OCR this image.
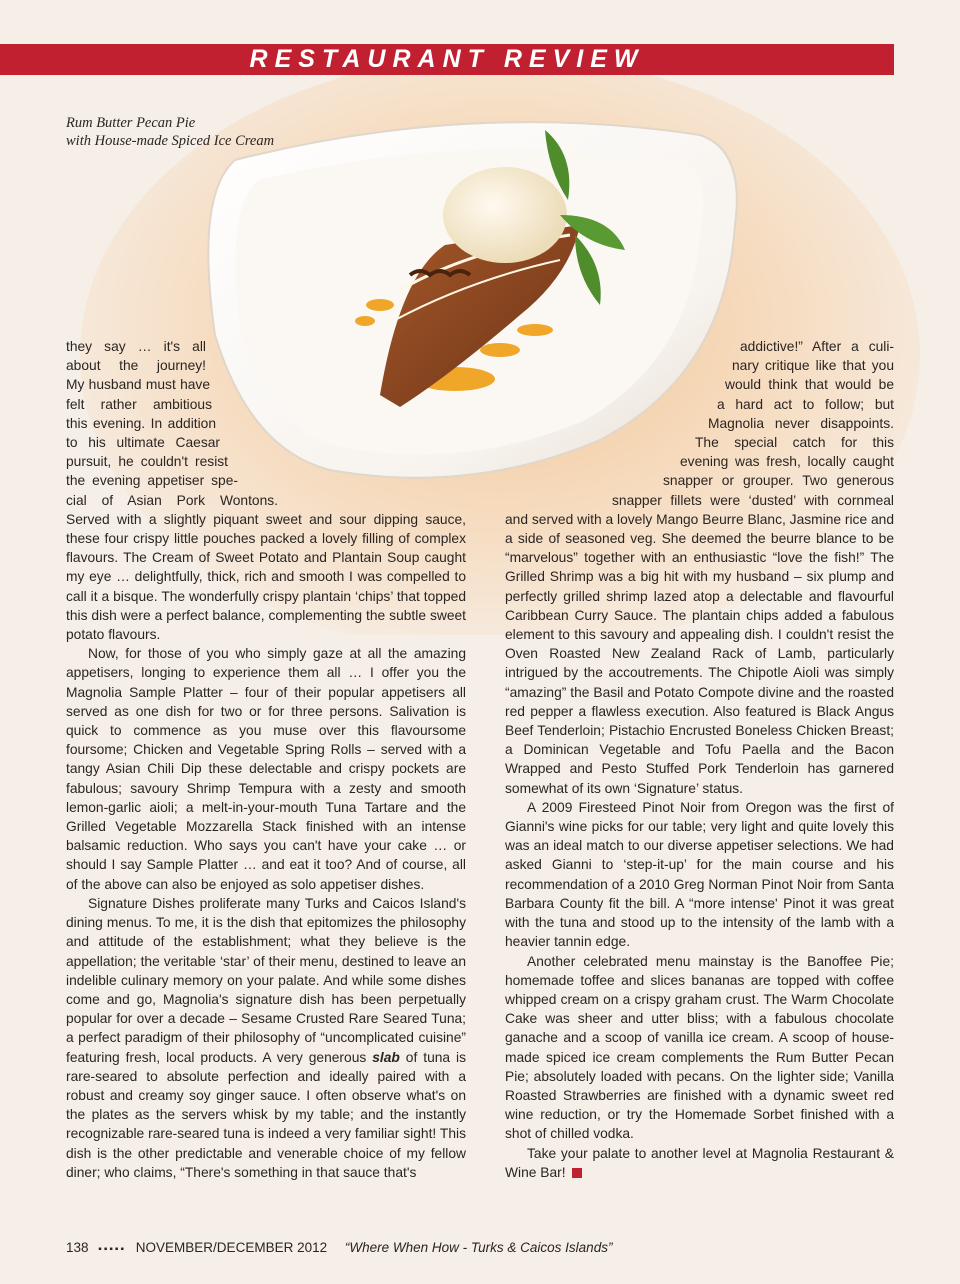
RESTAURANT REVIEW
Rum Butter Pecan Pie
with House-made Spiced Ice Cream

they say … it's all
about the journey!
My husband must have
felt rather ambitious
this evening. In addition
to his ultimate Caesar
pursuit, he couldn't resist
the evening appetiser spe-
cial of Asian Pork Wontons.
Served with a slightly piquant sweet and sour dipping sauce, these four crispy little pouches packed a lovely filling of complex flavours. The Cream of Sweet Potato and Plantain Soup caught my eye … delightfully, thick, rich and smooth I was compelled to call it a bisque. The wonderfully crispy plantain ‘chips’ that topped this dish were a perfect balance, complementing the subtle sweet potato flavours.

Now, for those of you who simply gaze at all the amazing appetisers, longing to experience them all … I offer you the Magnolia Sample Platter – four of their popular appetisers all served as one dish for two or for three persons. Salivation is quick to commence as you muse over this flavoursome foursome; Chicken and Vegetable Spring Rolls – served with a tangy Asian Chili Dip these delectable and crispy pockets are fabulous; savoury Shrimp Tempura with a zesty and smooth lemon-garlic aioli; a melt-in-your-mouth Tuna Tartare and the Grilled Vegetable Mozzarella Stack finished with an intense balsamic reduction. Who says you can't have your cake … or should I say Sample Platter … and eat it too? And of course, all of the above can also be enjoyed as solo appetiser dishes.

Signature Dishes proliferate many Turks and Caicos Island's dining menus. To me, it is the dish that epitomizes the philosophy and attitude of the establishment; what they believe is the appellation; the veritable ‘star’ of their menu, destined to leave an indelible culinary memory on your palate. And while some dishes come and go, Magnolia's signature dish has been perpetually popular for over a decade – Sesame Crusted Rare Seared Tuna; a perfect paradigm of their philosophy of “uncomplicated cuisine” featuring fresh, local products. A very generous slab of tuna is rare-seared to absolute perfection and ideally paired with a robust and creamy soy ginger sauce. I often observe what's on the plates as the servers whisk by my table; and the instantly recognizable rare-seared tuna is indeed a very familiar sight! This dish is the other predictable and venerable choice of my fellow diner; who claims, “There's something in that sauce that's

addictive!” After a culi-
nary critique like that you
would think that would be
a hard act to follow; but
Magnolia never disappoints.
The special catch for this
evening was fresh, locally caught
snapper or grouper. Two generous
snapper fillets were ‘dusted’ with cornmeal
and served with a lovely Mango Beurre Blanc, Jasmine rice and a side of seasoned veg. She deemed the beurre blance to be “marvelous” together with an enthusiastic “love the fish!” The Grilled Shrimp was a big hit with my husband – six plump and perfectly grilled shrimp lazed atop a delectable and flavourful Caribbean Curry Sauce. The plantain chips added a fabulous element to this savoury and appealing dish. I couldn't resist the Oven Roasted New Zealand Rack of Lamb, particularly intrigued by the accoutrements. The Chipotle Aioli was simply “amazing” the Basil and Potato Compote divine and the roasted red pepper a flawless execution. Also featured is Black Angus Beef Tenderloin; Pistachio Encrusted Boneless Chicken Breast; a Dominican Vegetable and Tofu Paella and the Bacon Wrapped and Pesto Stuffed Pork Tenderloin has garnered somewhat of its own ‘Signature’ status.

A 2009 Firesteed Pinot Noir from Oregon was the first of Gianni's wine picks for our table; very light and quite lovely this was an ideal match to our diverse appetiser selections. We had asked Gianni to ‘step-it-up’ for the main course and his recommendation of a 2010 Greg Norman Pinot Noir from Santa Barbara County fit the bill. A “more intense' Pinot it was great with the tuna and stood up to the intensity of the lamb with a heavier tannin edge.

Another celebrated menu mainstay is the Banoffee Pie; homemade toffee and slices bananas are topped with coffee whipped cream on a crispy graham crust. The Warm Chocolate Cake was sheer and utter bliss; with a fabulous chocolate ganache and a scoop of vanilla ice cream. A scoop of house-made spiced ice cream complements the Rum Butter Pecan Pie; absolutely loaded with pecans. On the lighter side; Vanilla Roasted Strawberries are finished with a dynamic sweet red wine reduction, or try the Homemade Sorbet finished with a shot of chilled vodka.

Take your palate to another level at Magnolia Restaurant & Wine Bar!

138 ▪▪▪▪▪ NOVEMBER/DECEMBER 2012 “Where When How - Turks & Caicos Islands”
